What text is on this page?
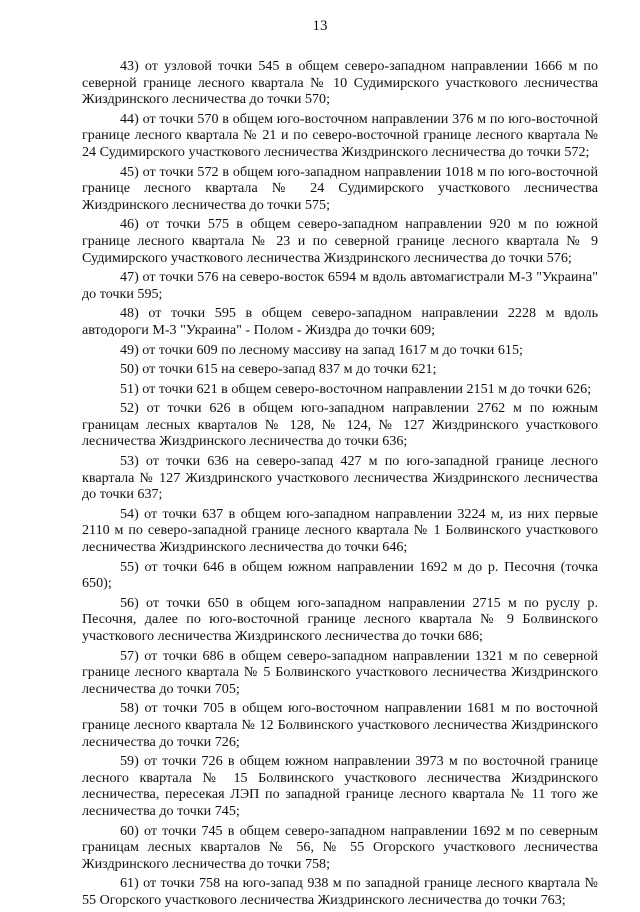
13

43) от узловой точки 545 в общем северо-западном направлении 1666 м по северной границе лесного квартала № 10 Судимирского участкового лесничества Жиздринского лесничества до точки 570;

44) от точки 570 в общем юго-восточном направлении 376 м по юго-восточной границе лесного квартала № 21 и по северо-восточной границе лесного квартала № 24 Судимирского участкового лесничества Жиздринского лесничества до точки 572;

45) от точки 572 в общем юго-западном направлении 1018 м по юго-восточной границе лесного квартала № 24 Судимирского участкового лесничества Жиздринского лесничества до точки 575;

46) от точки 575 в общем северо-западном направлении 920 м по южной границе лесного квартала № 23 и по северной границе лесного квартала № 9 Судимирского участкового лесничества Жиздринского лесничества до точки 576;

47) от точки 576 на северо-восток 6594 м вдоль автомагистрали М-3 "Украина" до точки 595;

48) от точки 595 в общем северо-западном направлении 2228 м вдоль автодороги М-3 "Украина" - Полом - Жиздра до точки 609;

49) от точки 609 по лесному массиву на запад 1617 м до точки 615;

50) от точки 615 на северо-запад 837 м до точки 621;

51) от точки 621 в общем северо-восточном направлении 2151 м до точки 626;

52) от точки 626 в общем юго-западном направлении 2762 м по южным границам лесных кварталов № 128, № 124, № 127 Жиздринского участкового лесничества Жиздринского лесничества до точки 636;

53) от точки 636 на северо-запад 427 м по юго-западной границе лесного квартала № 127 Жиздринского участкового лесничества Жиздринского лесничества до точки 637;

54) от точки 637 в общем юго-западном направлении 3224 м, из них первые 2110 м по северо-западной границе лесного квартала № 1 Болвинского участкового лесничества Жиздринского лесничества до точки 646;

55) от точки 646 в общем южном направлении 1692 м до р. Песочня (точка 650);

56) от точки 650 в общем юго-западном направлении 2715 м по руслу р. Песочня, далее по юго-восточной границе лесного квартала № 9 Болвинского участкового лесничества Жиздринского лесничества до точки 686;

57) от точки 686 в общем северо-западном направлении 1321 м по северной границе лесного квартала № 5 Болвинского участкового лесничества Жиздринского лесничества до точки 705;

58) от точки 705 в общем юго-восточном направлении 1681 м по восточной границе лесного квартала № 12 Болвинского участкового лесничества Жиздринского лесничества до точки 726;

59) от точки 726 в общем южном направлении 3973 м по восточной границе лесного квартала № 15 Болвинского участкового лесничества Жиздринского лесничества, пересекая ЛЭП по западной границе лесного квартала № 11 того же лесничества до точки 745;

60) от точки 745 в общем северо-западном направлении 1692 м по северным границам лесных кварталов № 56, № 55 Огорского участкового лесничества Жиздринского лесничества до точки 758;

61) от точки 758 на юго-запад 938 м по западной границе лесного квартала № 55 Огорского участкового лесничества Жиздринского лесничества до точки 763;
